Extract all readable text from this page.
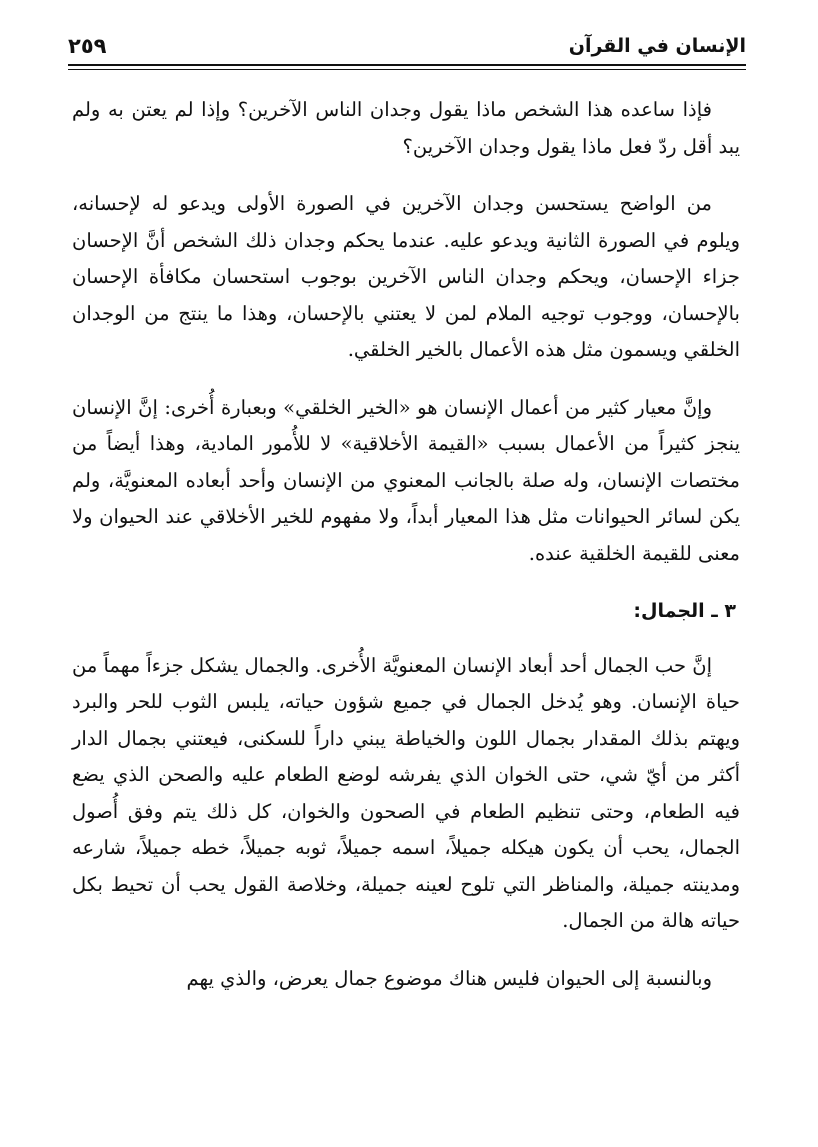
الإنسان في القرآن
٢٥٩

فإذا ساعده هذا الشخص ماذا يقول وجدان الناس الآخرين؟ وإذا لم يعتن به ولم يبد أقل ردّ فعل ماذا يقول وجدان الآخرين؟

من الواضح يستحسن وجدان الآخرين في الصورة الأولى ويدعو له لإحسانه، ويلوم في الصورة الثانية ويدعو عليه. عندما يحكم وجدان ذلك الشخص أنَّ الإحسان جزاء الإحسان، ويحكم وجدان الناس الآخرين بوجوب استحسان مكافأة الإحسان بالإحسان، ووجوب توجيه الملام لمن لا يعتني بالإحسان، وهذا ما ينتج من الوجدان الخلقي ويسمون مثل هذه الأعمال بالخير الخلقي.

وإنَّ معيار كثير من أعمال الإنسان هو «الخير الخلقي» وبعبارة أُخرى: إنَّ الإنسان ينجز كثيراً من الأعمال بسبب «القيمة الأخلاقية» لا للأُمور المادية، وهذا أيضاً من مختصات الإنسان، وله صلة بالجانب المعنوي من الإنسان وأحد أبعاده المعنويَّة، ولم يكن لسائر الحيوانات مثل هذا المعيار أبداً، ولا مفهوم للخير الأخلاقي عند الحيوان ولا معنى للقيمة الخلقية عنده.

٣ ـ الجمال:

إنَّ حب الجمال أحد أبعاد الإنسان المعنويَّة الأُخرى. والجمال يشكل جزءاً مهماً من حياة الإنسان. وهو يُدخل الجمال في جميع شؤون حياته، يلبس الثوب للحر والبرد ويهتم بذلك المقدار بجمال اللون والخياطة يبني داراً للسكنى، فيعتني بجمال الدار أكثر من أيّ شي، حتى الخوان الذي يفرشه لوضع الطعام عليه والصحن الذي يضع فيه الطعام، وحتى تنظيم الطعام في الصحون والخوان، كل ذلك يتم وفق أُصول الجمال، يحب أن يكون هيكله جميلاً، اسمه جميلاً، ثوبه جميلاً، خطه جميلاً، شارعه ومدينته جميلة، والمناظر التي تلوح لعينه جميلة، وخلاصة القول يحب أن تحيط بكل حياته هالة من الجمال.

وبالنسبة إلى الحيوان فليس هناك موضوع جمال يعرض، والذي يهم
